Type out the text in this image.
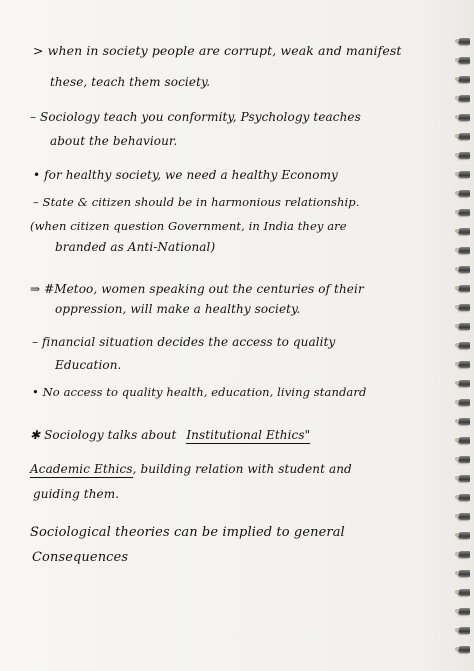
> when in society people are corrupt, weak and manifest
these, teach them society.
– Sociology teach you conformity, Psychology teaches
about the behaviour.
• for healthy society, we need a healthy Economy
– State & citizen should be in harmonious relationship.
(when citizen question Government, in India they are
branded as Anti-National)
⇒ #Metoo, women speaking out the centuries of their
oppression, will make a healthy society.
– financial situation decides the access to quality
Education.
• No access to quality health, education, living standard
✱ Sociology talks about Institutional Ethics"
Academic Ethics, building relation with student and
guiding them.
Sociological theories can be implied to general
Consequences
